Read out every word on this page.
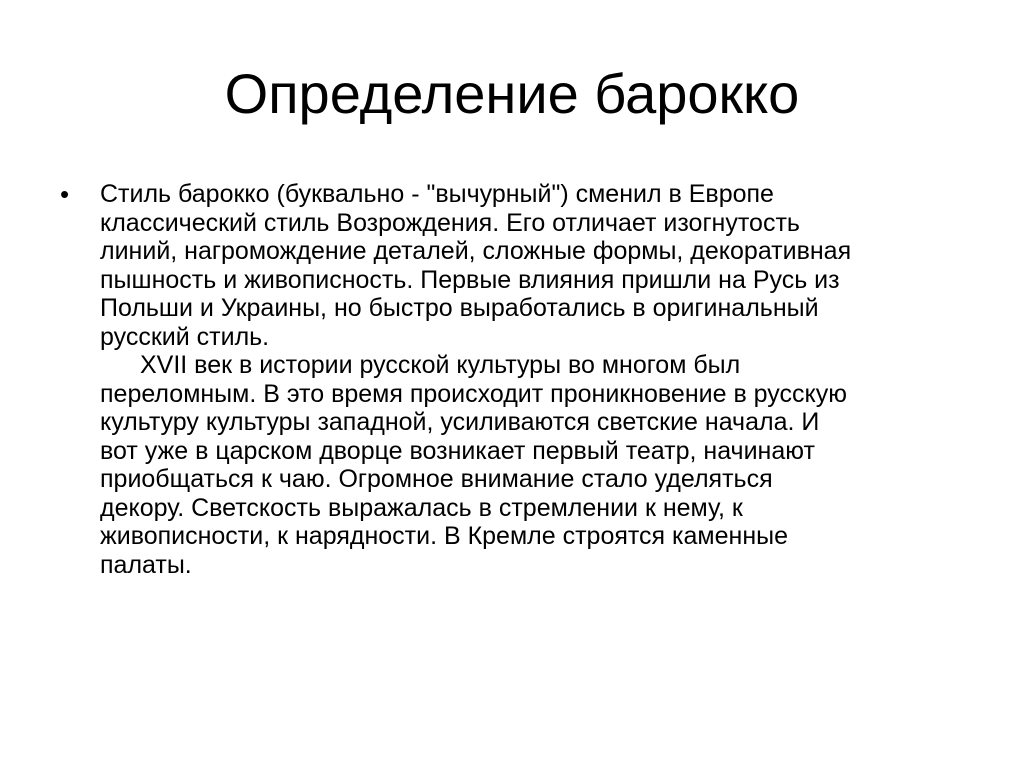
Определение барокко
• Стиль барокко (буквально - "вычурный") сменил в Европе
классический стиль Возрождения. Его отличает изогнутость
линий, нагромождение деталей, сложные формы, декоративная
пышность и живописность. Первые влияния пришли на Русь из
Польши и Украины, но быстро выработались в оригинальный
русский стиль.
XVII век в истории русской культуры во многом был
переломным. В это время происходит проникновение в русскую
культуру культуры западной, усиливаются светские начала. И
вот уже в царском дворце возникает первый театр, начинают
приобщаться к чаю. Огромное внимание стало уделяться
декору. Светскость выражалась в стремлении к нему, к
живописности, к нарядности. В Кремле строятся каменные
палаты.
